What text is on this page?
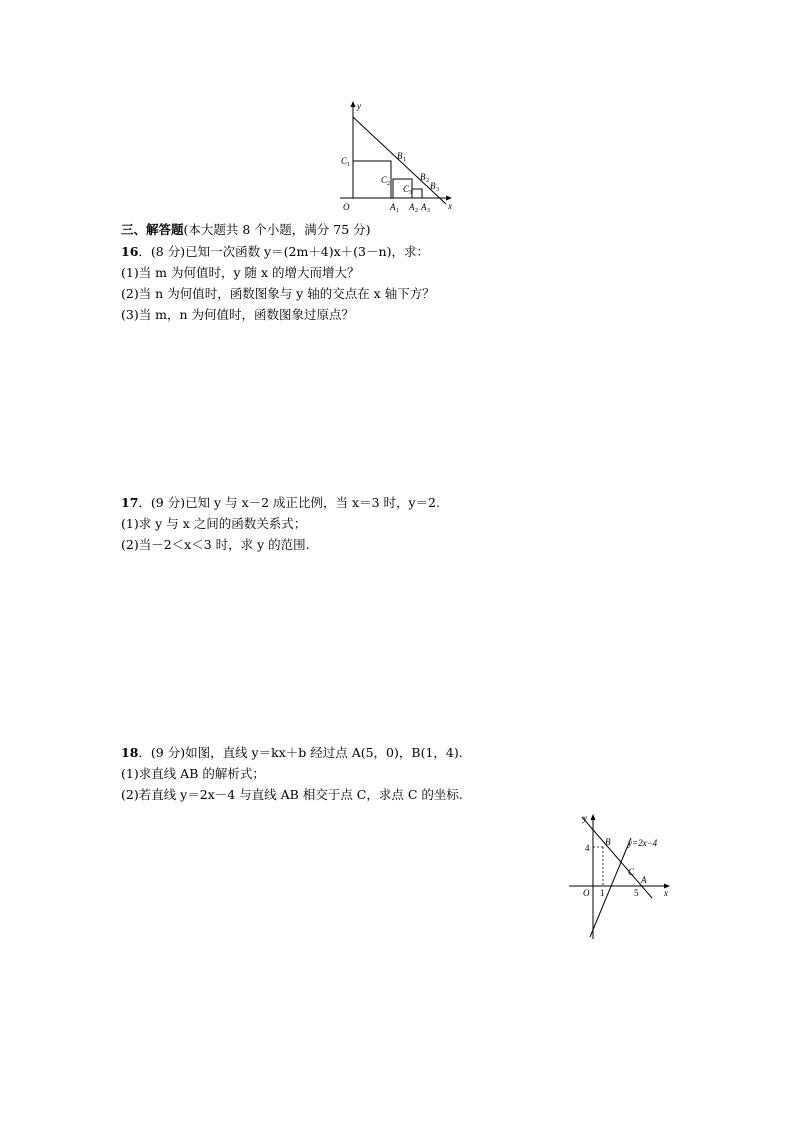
y
x
O
C 1
B 1
C 2
B 2
C 3
B 3
A 1 A 2 A 3
三、解答题(本大题共 8 个小题，满分 75 分)
16．(8 分)已知一次函数 y＝(2m＋4)x＋(3－n)，求：
(1)当 m 为何值时，y 随 x 的增大而增大？
(2)当 n 为何值时，函数图象与 y 轴的交点在 x 轴下方？
(3)当 m，n 为何值时，函数图象过原点？
17．(9 分)已知 y 与 x－2 成正比例，当 x＝3 时，y＝2.
(1)求 y 与 x 之间的函数关系式；
(2)当－2＜x＜3 时，求 y 的范围.
18．(9 分)如图，直线 y＝kx＋b 经过点 A(5，0)，B(1，4).
(1)求直线 AB 的解析式；
(2)若直线 y＝2x－4 与直线 AB 相交于点 C，求点 C 的坐标.
y
x
O
4
1	5
B
C
A
y=2x−4
